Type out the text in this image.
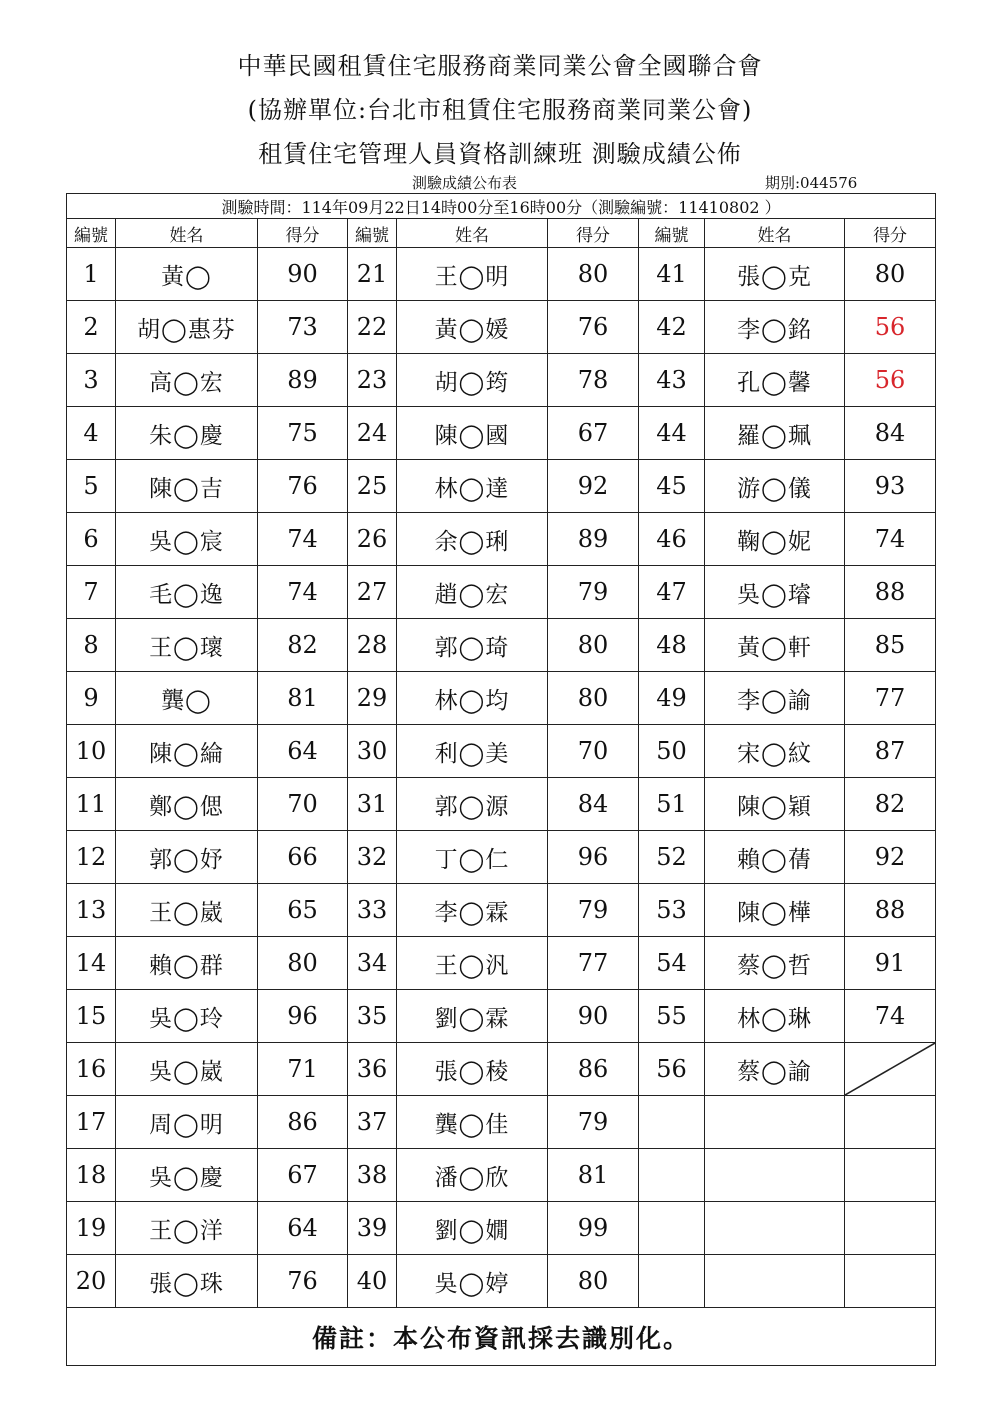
中華民國租賃住宅服務商業同業公會全國聯合會
(協辦單位:台北市租賃住宅服務商業同業公會)
租賃住宅管理人員資格訓練班 測驗成績公佈
測驗成績公布表	期別:044576
測驗時間：114年09月22日14時00分至16時00分（測驗編號：11410802 ）								
編號	姓名	得分	編號	姓名	得分	編號	姓名	得分
1	黃◯	90	21	王◯明	80	41	張◯克	80
2	胡◯惠芬	73	22	黃◯媛	76	42	李◯銘	56
3	高◯宏	89	23	胡◯筠	78	43	孔◯馨	56
4	朱◯慶	75	24	陳◯國	67	44	羅◯珮	84
5	陳◯吉	76	25	林◯達	92	45	游◯儀	93
6	吳◯宸	74	26	余◯琍	89	46	鞠◯妮	74
7	毛◯逸	74	27	趙◯宏	79	47	吳◯璿	88
8	王◯瓌	82	28	郭◯琦	80	48	黃◯軒	85
9	龔◯	81	29	林◯均	80	49	李◯諭	77
10	陳◯綸	64	30	利◯美	70	50	宋◯紋	87
11	鄭◯偲	70	31	郭◯源	84	51	陳◯穎	82
12	郭◯妤	66	32	丁◯仁	96	52	賴◯蒨	92
13	王◯崴	65	33	李◯霖	79	53	陳◯樺	88
14	賴◯群	80	34	王◯汎	77	54	蔡◯哲	91
15	吳◯玲	96	35	劉◯霖	90	55	林◯琳	74
16	吳◯崴	71	36	張◯稜	86	56	蔡◯諭	

17	周◯明	86	37	龔◯佳	79			
18	吳◯慶	67	38	潘◯欣	81			
19	王◯洋	64	39	劉◯嫺	99			
20	張◯珠	76	40	吳◯婷	80			
備註：本公布資訊採去識別化。								
